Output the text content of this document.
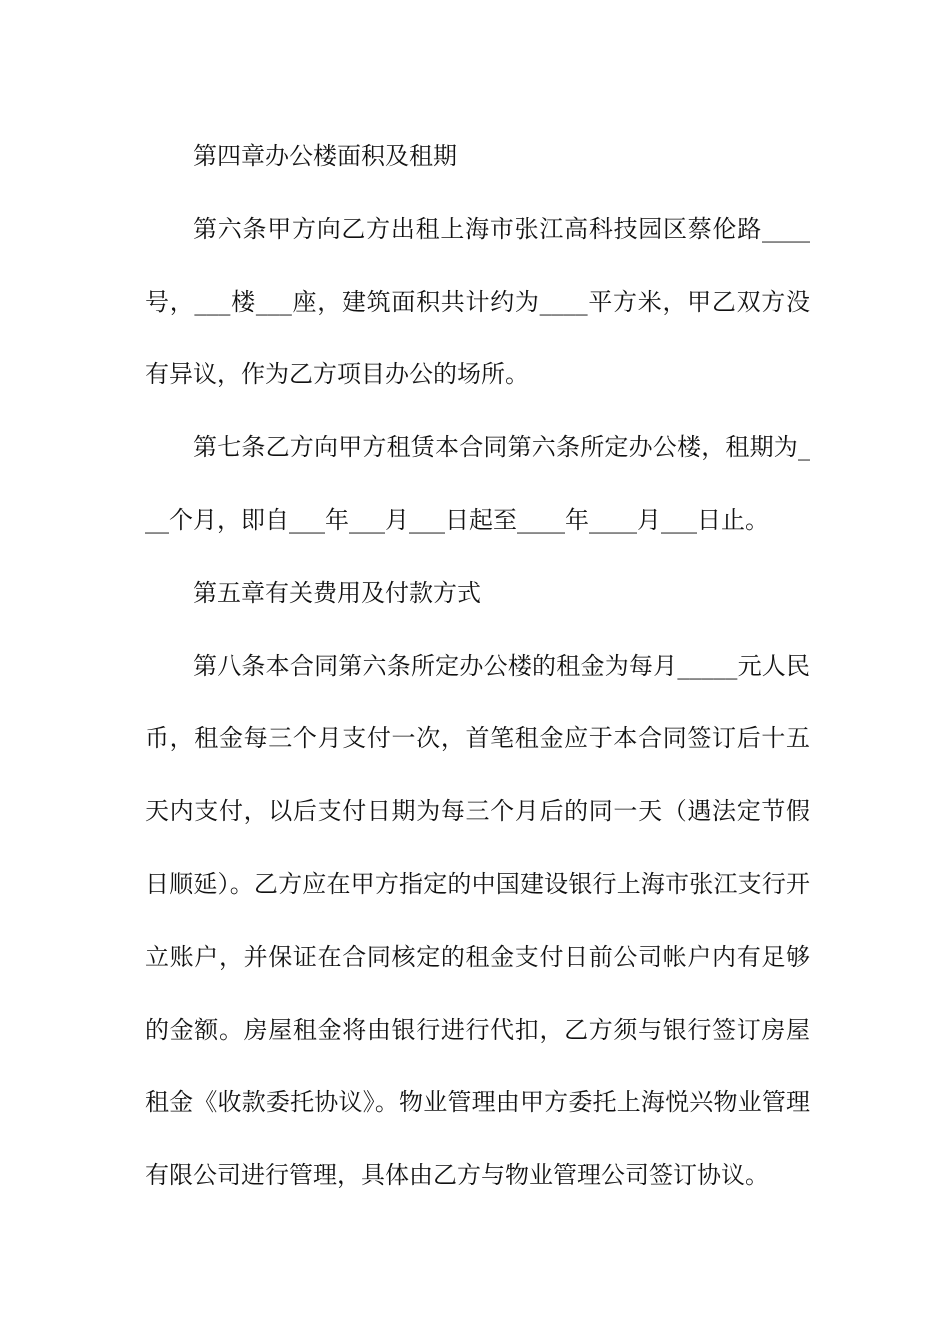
第四章办公楼面积及租期

第六条甲方向乙方出租上海市张江高科技园区蔡伦路____号，___楼___座，建筑面积共计约为____平方米，甲乙双方没有异议，作为乙方项目办公的场所。

第七条乙方向甲方租赁本合同第六条所定办公楼，租期为___个月，即自___年___月___日起至____年____月___日止。

第五章有关费用及付款方式

第八条本合同第六条所定办公楼的租金为每月_____元人民币，租金每三个月支付一次，首笔租金应于本合同签订后十五天内支付，以后支付日期为每三个月后的同一天（遇法定节假日顺延）。乙方应在甲方指定的中国建设银行上海市张江支行开立账户，并保证在合同核定的租金支付日前公司帐户内有足够的金额。房屋租金将由银行进行代扣，乙方须与银行签订房屋租金《收款委托协议》。物业管理由甲方委托上海悦兴物业管理有限公司进行管理，具体由乙方与物业管理公司签订协议。
